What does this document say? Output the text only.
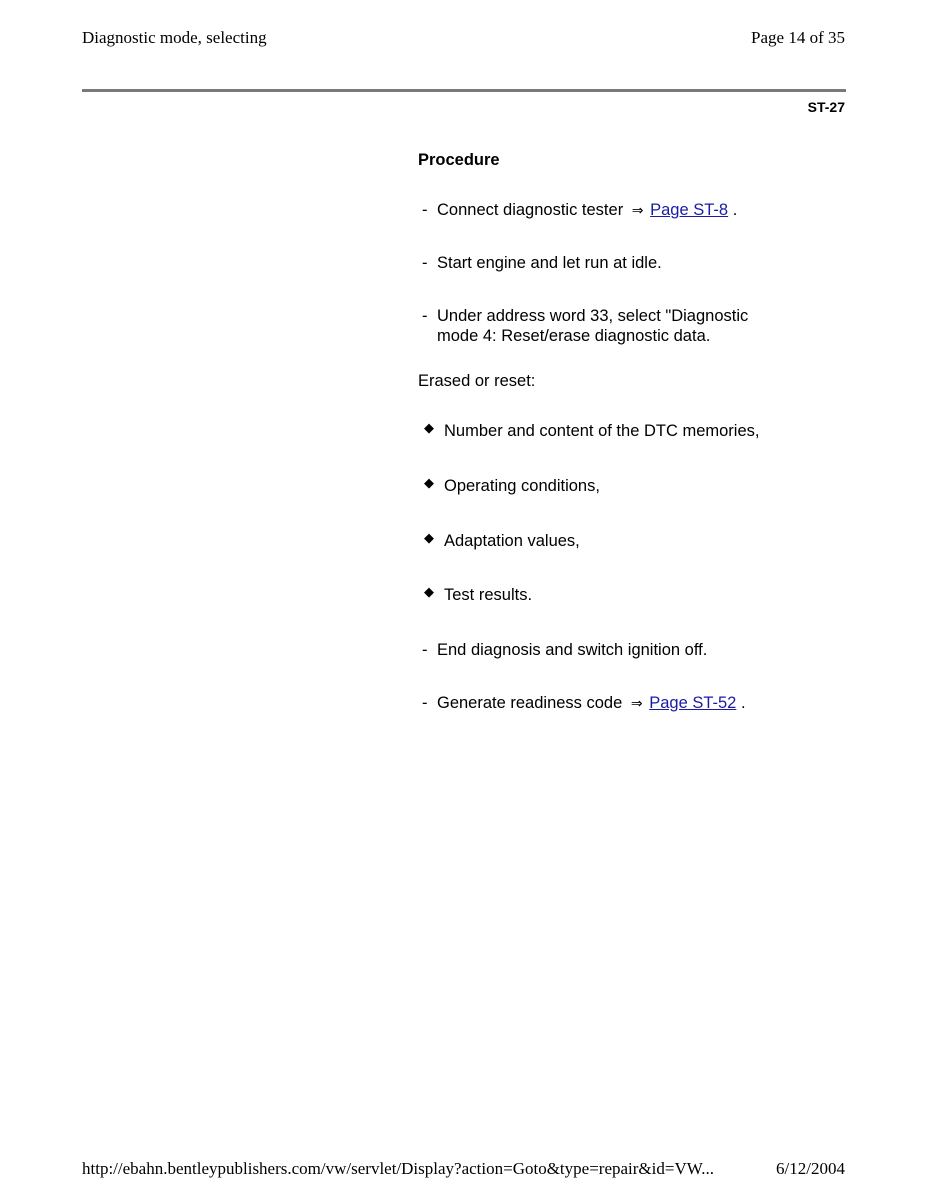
Diagnostic mode, selecting	Page 14 of 35
ST-27
Procedure
- Connect diagnostic tester ⇒ Page ST-8 .
- Start engine and let run at idle.
- Under address word 33, select "Diagnostic mode 4: Reset/erase diagnostic data.
Erased or reset:
◆ Number and content of the DTC memories,
◆ Operating conditions,
◆ Adaptation values,
◆ Test results.
- End diagnosis and switch ignition off.
- Generate readiness code ⇒ Page ST-52 .
http://ebahn.bentleypublishers.com/vw/servlet/Display?action=Goto&type=repair&id=VW...	6/12/2004
